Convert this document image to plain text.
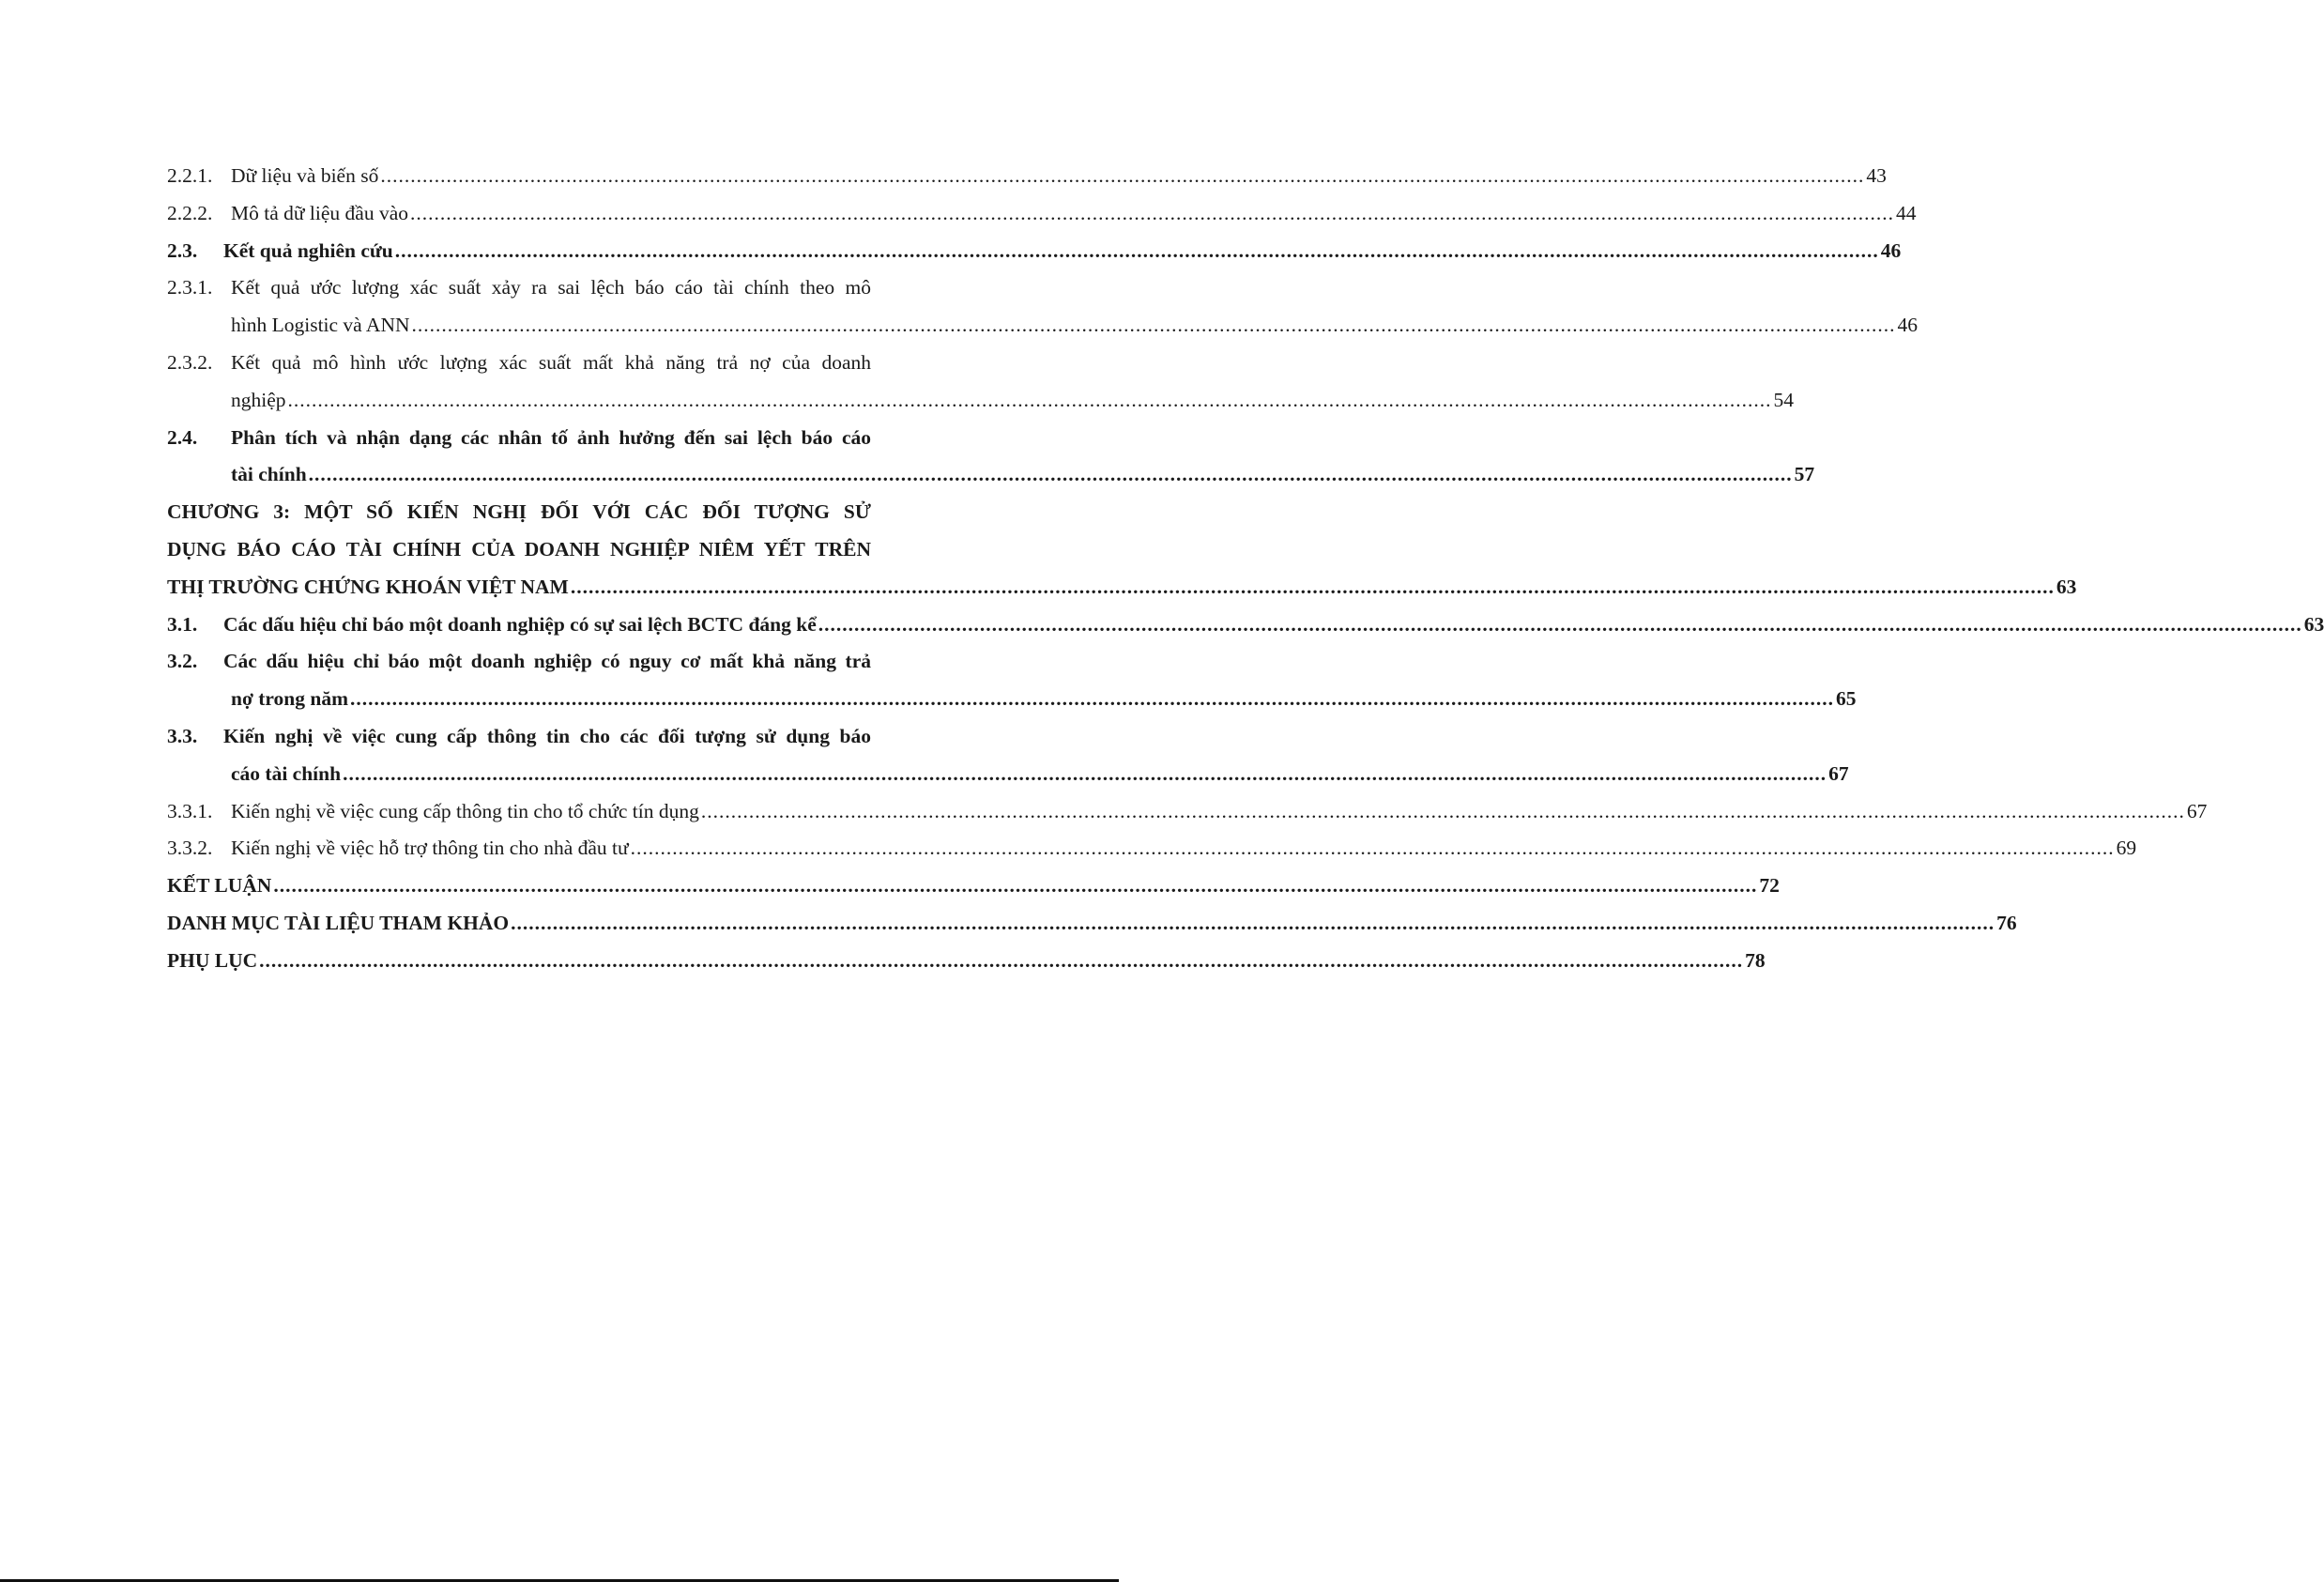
2.2.1. Dữ liệu và biến số .....	43
2.2.2. Mô tả dữ liệu đầu vào .....	44
2.3.	Kết quả nghiên cứu .....	46
2.3.1. Kết quả ước lượng xác suất xảy ra sai lệch báo cáo tài chính theo mô
hình Logistic và ANN .....	46
2.3.2. Kết quả mô hình ước lượng xác suất mất khả năng trả nợ của doanh
nghiệp .....	54
2.4.	Phân tích và nhận dạng các nhân tố ảnh hưởng đến sai lệch báo cáo
tài chính .....	57
CHƯƠNG 3: MỘT SỐ KIẾN NGHỊ ĐỐI VỚI CÁC ĐỐI TƯỢNG SỬ
DỤNG BÁO CÁO TÀI CHÍNH CỦA DOANH NGHIỆP NIÊM YẾT TRÊN
THỊ TRƯỜNG CHỨNG KHOÁN VIỆT NAM .....	63
3.1.	Các dấu hiệu chỉ báo một doanh nghiệp có sự sai lệch BCTC đáng kể .....	63
3.2.	Các dấu hiệu chỉ báo một doanh nghiệp có nguy cơ mất khả năng trả
nợ trong năm .....	65
3.3.	Kiến nghị về việc cung cấp thông tin cho các đối tượng sử dụng báo
cáo tài chính .....	67
3.3.1. Kiến nghị về việc cung cấp thông tin cho tổ chức tín dụng .....	67
3.3.2. Kiến nghị về việc hỗ trợ thông tin cho nhà đầu tư .....	69
KẾT LUẬN .....	72
DANH MỤC TÀI LIỆU THAM KHẢO .....	76
PHỤ LỤC .....	78
